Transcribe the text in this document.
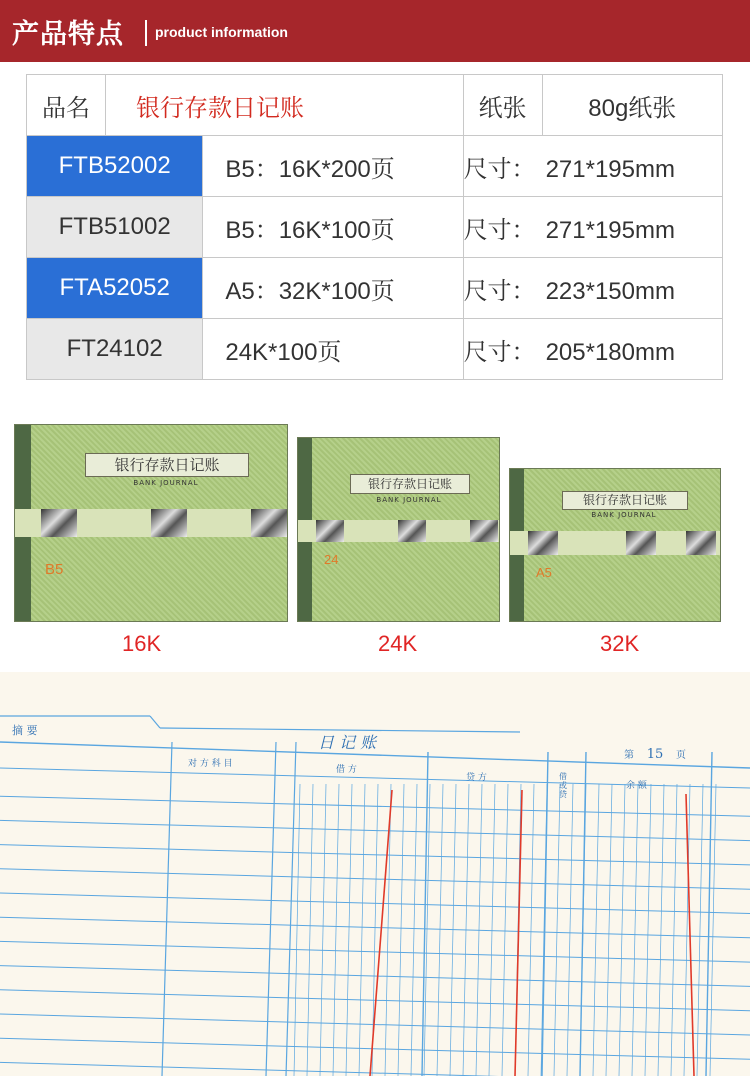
产品特点 product information
品名	银行存款日记账		纸张	80g纸张
FTB52002		B5：16K*200页	尺寸： 271*195mm	
FTB51002		B5：16K*100页	尺寸： 271*195mm	
FTA52052		A5：32K*100页	尺寸： 223*150mm	
FT24102		24K*100页	尺寸： 205*180mm	
银行存款日记账
BANK JOURNAL
B5
16K
银行存款日记账
BANK JOURNAL
24
24K
银行存款日记账
BANK JOURNAL
A5
32K
日 记 账
摘 要
对 方 科 目
借 方
贷 方	借或贷
余 额
第 15 页
